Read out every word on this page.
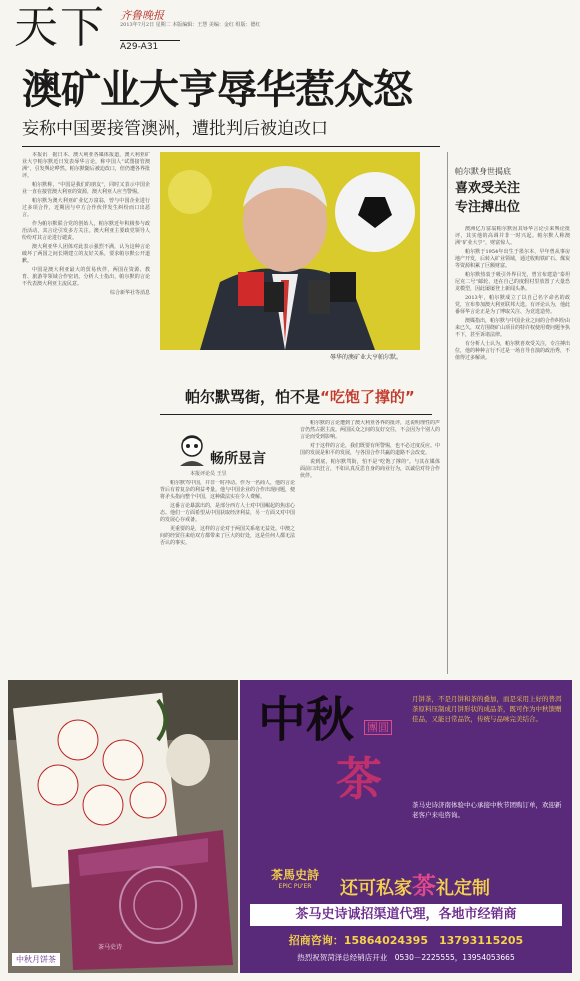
天下 齐鲁晚报
2013年7月2日 星期二 本版编辑：王慧 美编：金红 组版：德红
A29-A31
澳矿业大亨辱华惹众怒
妄称中国要接管澳洲，遭批判后被迫改口

本报讯　据日本、澳大利亚各媒体报道，澳大利亚矿业大亨帕尔默近日发表辱华言论，称中国人“试图接管澳洲”，引发舆论哗然。帕尔默随后被迫改口，但仍遭各界批评。

帕尔默称，“中国是我们的朋友”，同时又表示中国企业一直在接管澳大利亚的资源，澳大利亚人应当警惕。

帕尔默为澳大利亚矿业亿万富翁，曾与中国企业进行过多项合作，近期因与中方合作伙伴发生纠纷而口出恶言。

作为帕尔默联合党的创始人，帕尔默近年积极参与政治活动，其言论引发多方关注。澳大利亚主要政党领导人纷纷对其言论进行谴责。

澳大利亚华人团体对此表示强烈不满，认为这种言论破坏了两国之间长期建立的友好关系，要求帕尔默公开道歉。

中国是澳大利亚最大的贸易伙伴，两国在资源、教育、旅游等领域合作密切。分析人士指出，帕尔默的言论不代表澳大利亚主流民意。

综合新华社等消息

辱华的澳矿业大亨帕尔默。
帕尔默骂街，怕不是“吃饱了撑的”
畅所昱言
本报评论员 王昱

帕尔默骂中国，并非一时冲动。作为一名商人，他的言论背后有着复杂的利益考量。他与中国企业的合作出现问题，便将矛头指向整个中国，这种做法实在令人费解。

这番言论暴露出的，是部分西方人士对中国崛起的焦虑心态。他们一方面希望从中国获取经济利益，另一方面又对中国的发展心存戒备。

更重要的是，这样的言论对于两国关系毫无益处。中澳之间的经贸往来给双方都带来了巨大的好处，这是任何人都无法否认的事实。

帕尔默的言论遭到了澳大利亚各界的批评，这说明理性的声音仍然占据主流。两国民众之间的友好交往，不会因为个别人的言论而受到影响。

对于这样的言论，我们既要有所警惕，也不必过度反应。中国的发展是和平的发展，与各国合作共赢的道路不会改变。

说到底，帕尔默骂街，怕不是“吃饱了撑的”。与其在媒体面前口出狂言，不如认真反思自身的商业行为，以诚信对待合作伙伴。

帕尔默身世揭底
喜欢受关注
专注搏出位

澳洲亿万富翁帕尔默因其辱华言论引来舆论批评，其实他的高调并非一时兴起。帕尔默人称澳洲“矿业大亨”，财富惊人。

帕尔默于1954年出生于墨尔本，早年曾从事房地产开发，后转入矿业领域，通过收购铁矿石、煤炭等资源积累了巨额财富。

帕尔默热衷于吸引外界目光，曾宣布建造“泰坦尼克二号”邮轮，还在自己的度假村里放置了大量恐龙模型，因此屡屡登上新闻头条。

2013年，帕尔默成立了以自己名字命名的政党，宣布参加澳大利亚联邦大选。有评论认为，他此番辱华言论正是为了博取关注、为竞选造势。

澳媒指出，帕尔默与中国企业之间的合作纠纷由来已久，双方围绕矿山项目的特许权使用费问题争执不下，甚至诉诸法律。

有分析人士认为，帕尔默喜欢受关注，专注搏出位，他的种种言行不过是一场自导自演的政治秀，不值得过多解读。

茶马史诗
中秋月饼茶
中秋 團圓
茶
月饼茶，不是月饼和茶的叠加，而是采用上好的普洱茶原料压制成月饼形状的成品茶，既可作为中秋馈赠佳品，又能日常品饮，传统与品味完美结合。
茶马史诗济南体验中心承接中秋节团购订单，欢迎新老客户来电咨询。
茶馬史詩
EPIC PU'ER	还可私家茶礼定制
茶马史诗诚招渠道代理，各地市经销商
招商咨询：15864024395　13793115205
热烈祝贺菏泽总经销店开业　0530－2225555，13954053665
